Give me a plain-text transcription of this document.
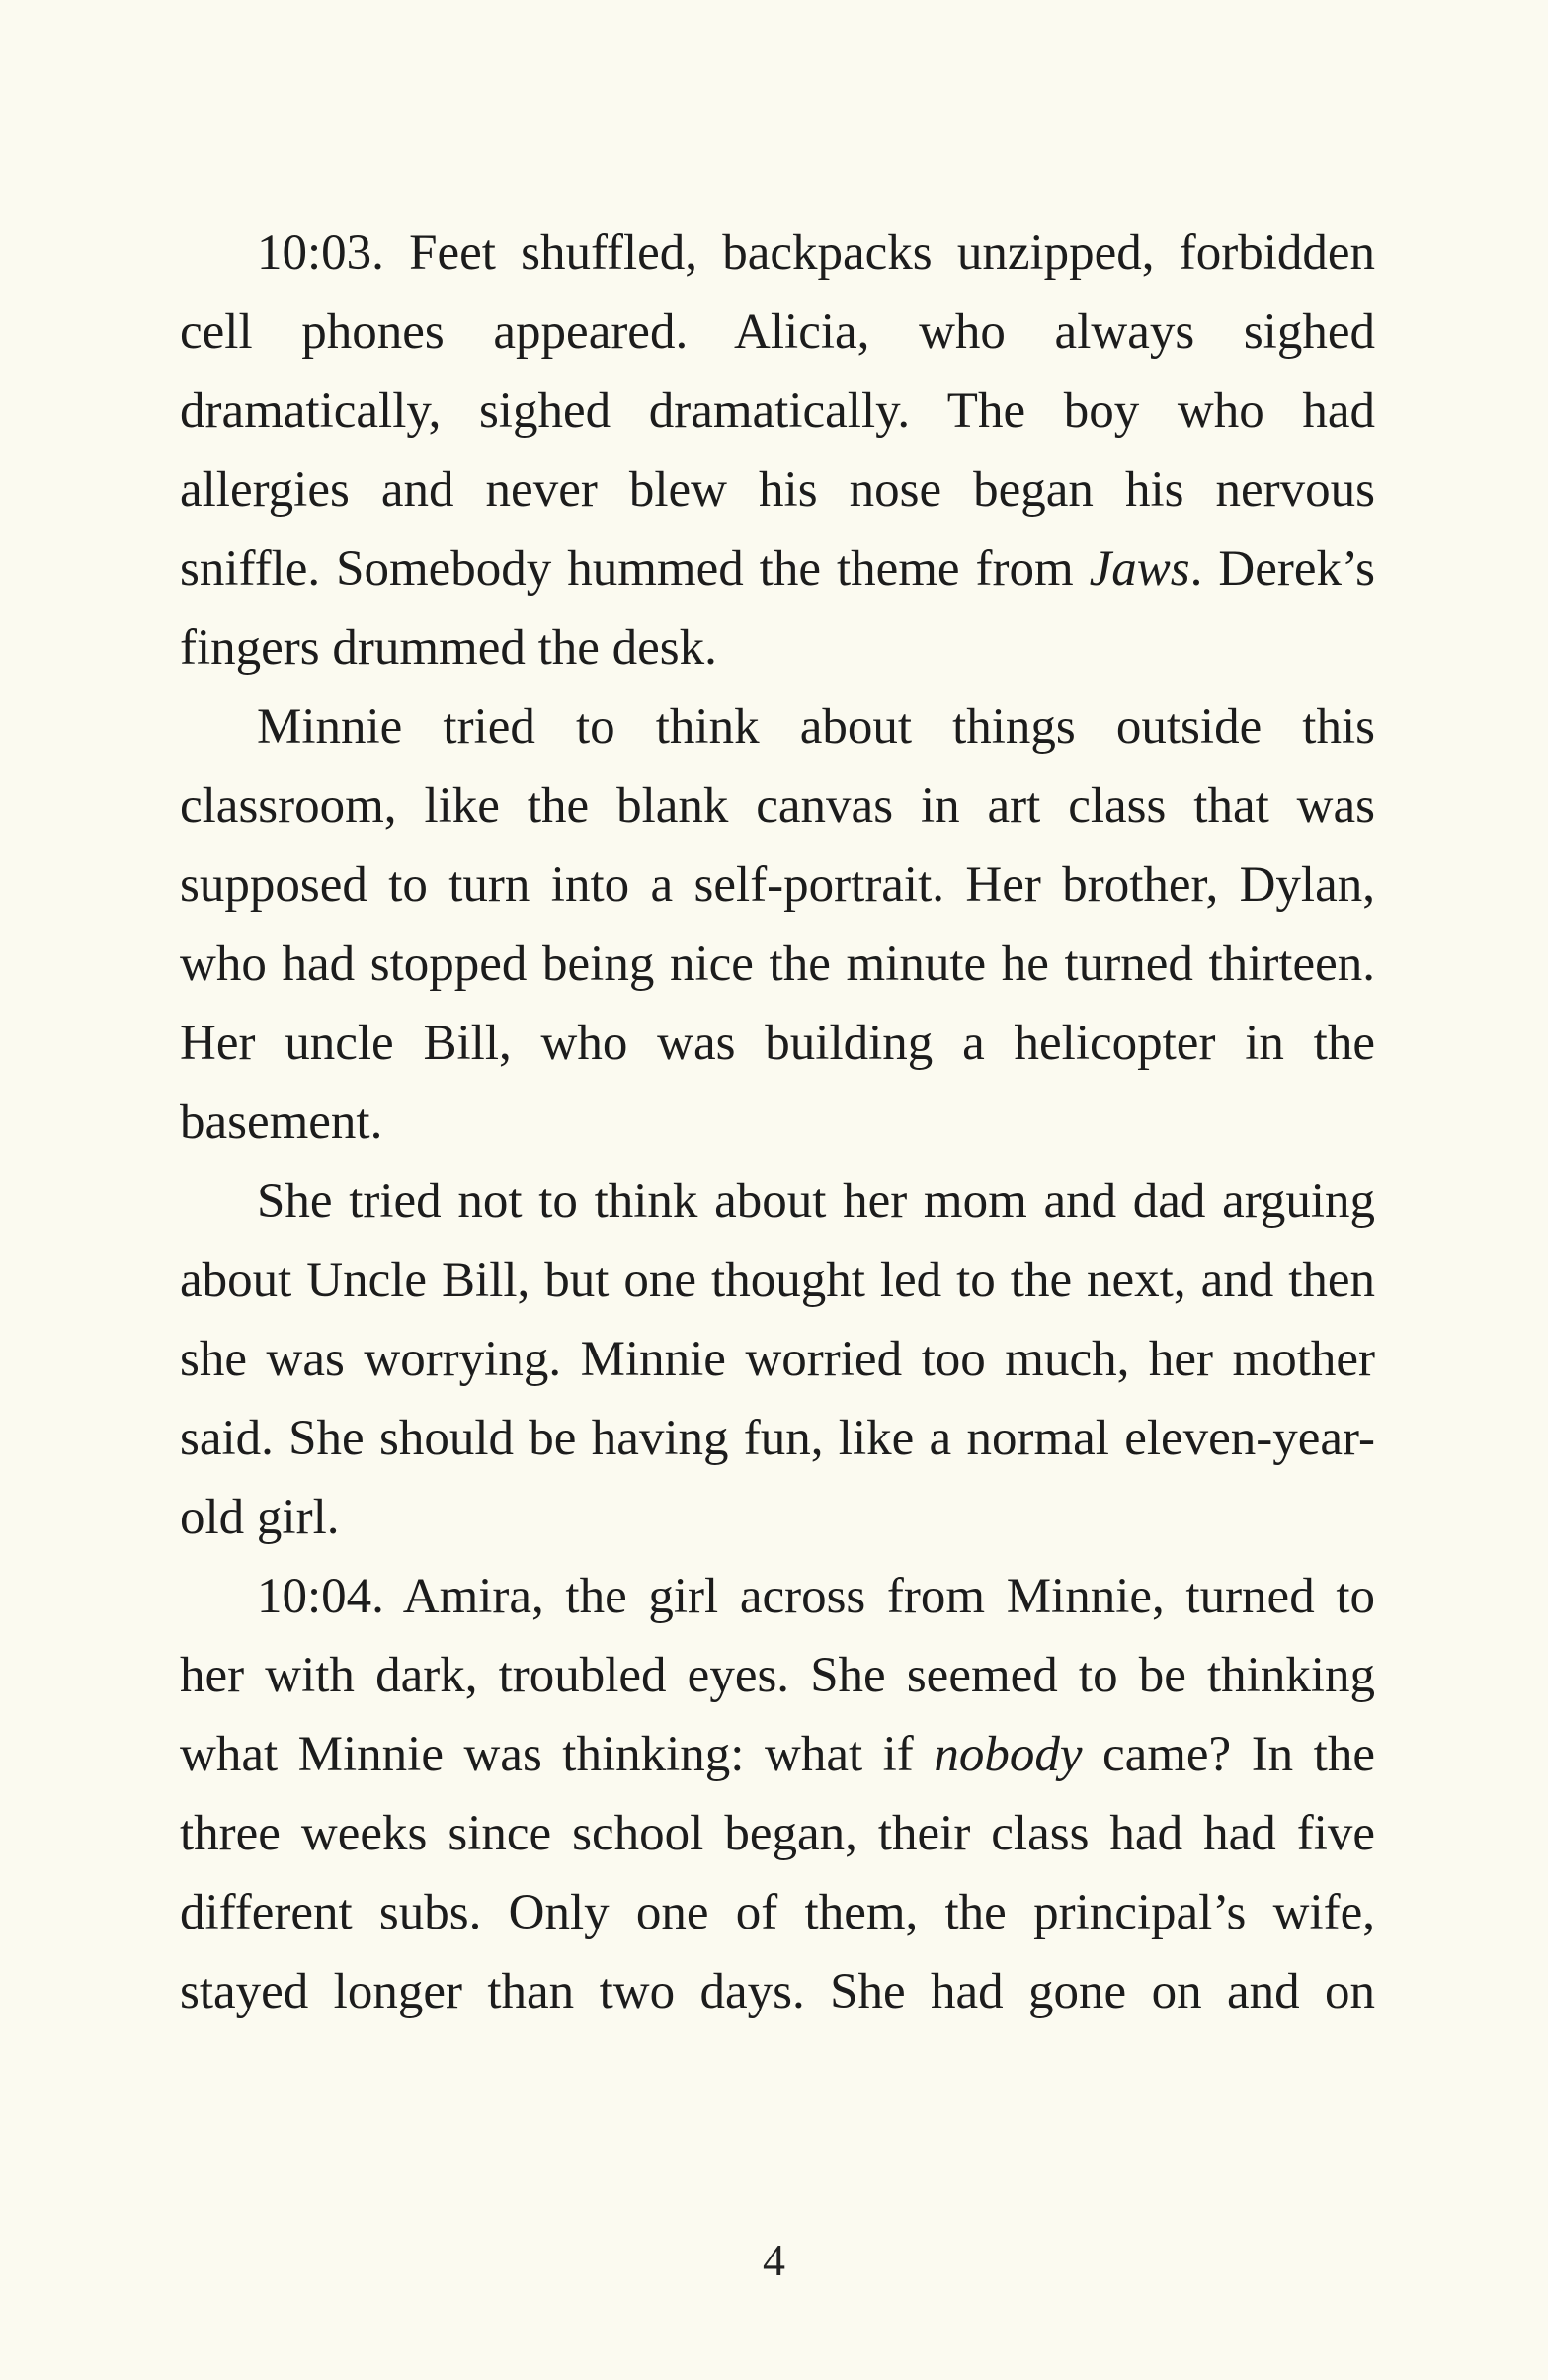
10:03. Feet shuffled, backpacks unzipped, forbidden cell phones appeared. Alicia, who always sighed dramatically, sighed dramatically. The boy who had allergies and never blew his nose began his nervous sniffle. Somebody hummed the theme from Jaws. Derek’s fingers drummed the desk.

Minnie tried to think about things outside this classroom, like the blank canvas in art class that was supposed to turn into a self-portrait. Her brother, Dylan, who had stopped being nice the minute he turned thirteen. Her uncle Bill, who was building a helicopter in the basement.

She tried not to think about her mom and dad arguing about Uncle Bill, but one thought led to the next, and then she was worrying. Minnie worried too much, her mother said. She should be having fun, like a normal eleven-year-old girl.

10:04. Amira, the girl across from Minnie, turned to her with dark, troubled eyes. She seemed to be thinking what Minnie was thinking: what if nobody came? In the three weeks since school began, their class had had five different subs. Only one of them, the principal’s wife, stayed longer than two days. She had gone on and on

4
